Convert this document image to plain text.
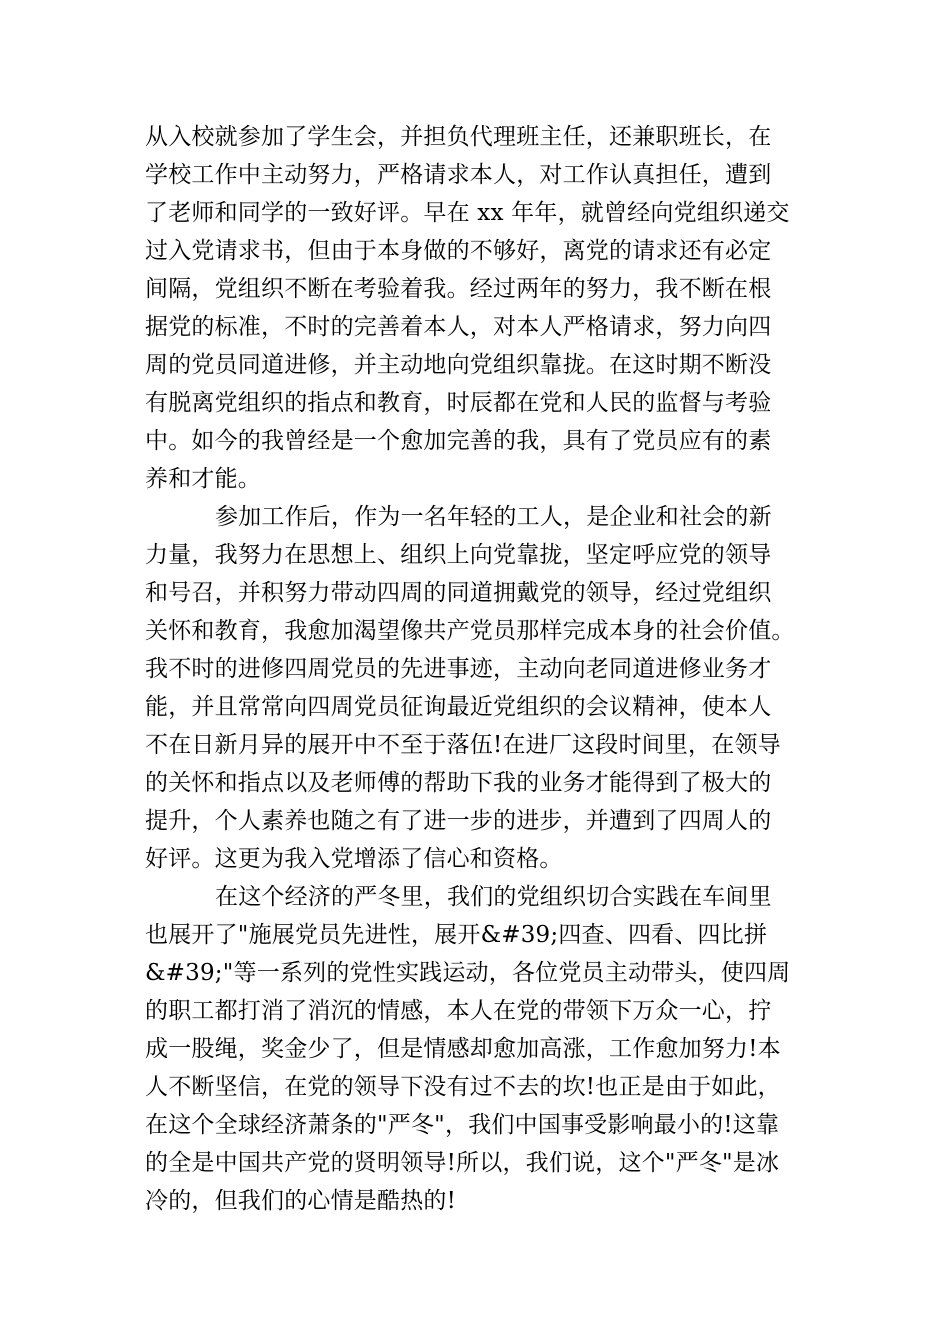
从入校就参加了学生会，并担负代理班主任，还兼职班长，在
学校工作中主动努力，严格请求本人，对工作认真担任，遭到
了老师和同学的一致好评。早在 xx 年年，就曾经向党组织递交
过入党请求书，但由于本身做的不够好，离党的请求还有必定
间隔，党组织不断在考验着我。经过两年的努力，我不断在根
据党的标准，不时的完善着本人，对本人严格请求，努力向四
周的党员同道进修，并主动地向党组织靠拢。在这时期不断没
有脱离党组织的指点和教育，时辰都在党和人民的监督与考验
中。如今的我曾经是一个愈加完善的我，具有了党员应有的素
养和才能。
参加工作后，作为一名年轻的工人，是企业和社会的新
力量，我努力在思想上、组织上向党靠拢，坚定呼应党的领导
和号召，并积努力带动四周的同道拥戴党的领导，经过党组织
关怀和教育，我愈加渴望像共产党员那样完成本身的社会价值。
我不时的进修四周党员的先进事迹，主动向老同道进修业务才
能，并且常常向四周党员征询最近党组织的会议精神，使本人
不在日新月异的展开中不至于落伍!在进厂这段时间里，在领导
的关怀和指点以及老师傅的帮助下我的业务才能得到了极大的
提升，个人素养也随之有了进一步的进步，并遭到了四周人的
好评。这更为我入党增添了信心和资格。
在这个经济的严冬里，我们的党组织切合实践在车间里
也展开了"施展党员先进性，展开&#39;四查、四看、四比拼
&#39;"等一系列的党性实践运动，各位党员主动带头，使四周
的职工都打消了消沉的情感，本人在党的带领下万众一心，拧
成一股绳，奖金少了，但是情感却愈加高涨，工作愈加努力!本
人不断坚信，在党的领导下没有过不去的坎!也正是由于如此，
在这个全球经济萧条的"严冬"，我们中国事受影响最小的!这靠
的全是中国共产党的贤明领导!所以，我们说，这个"严冬"是冰
冷的，但我们的心情是酷热的!
